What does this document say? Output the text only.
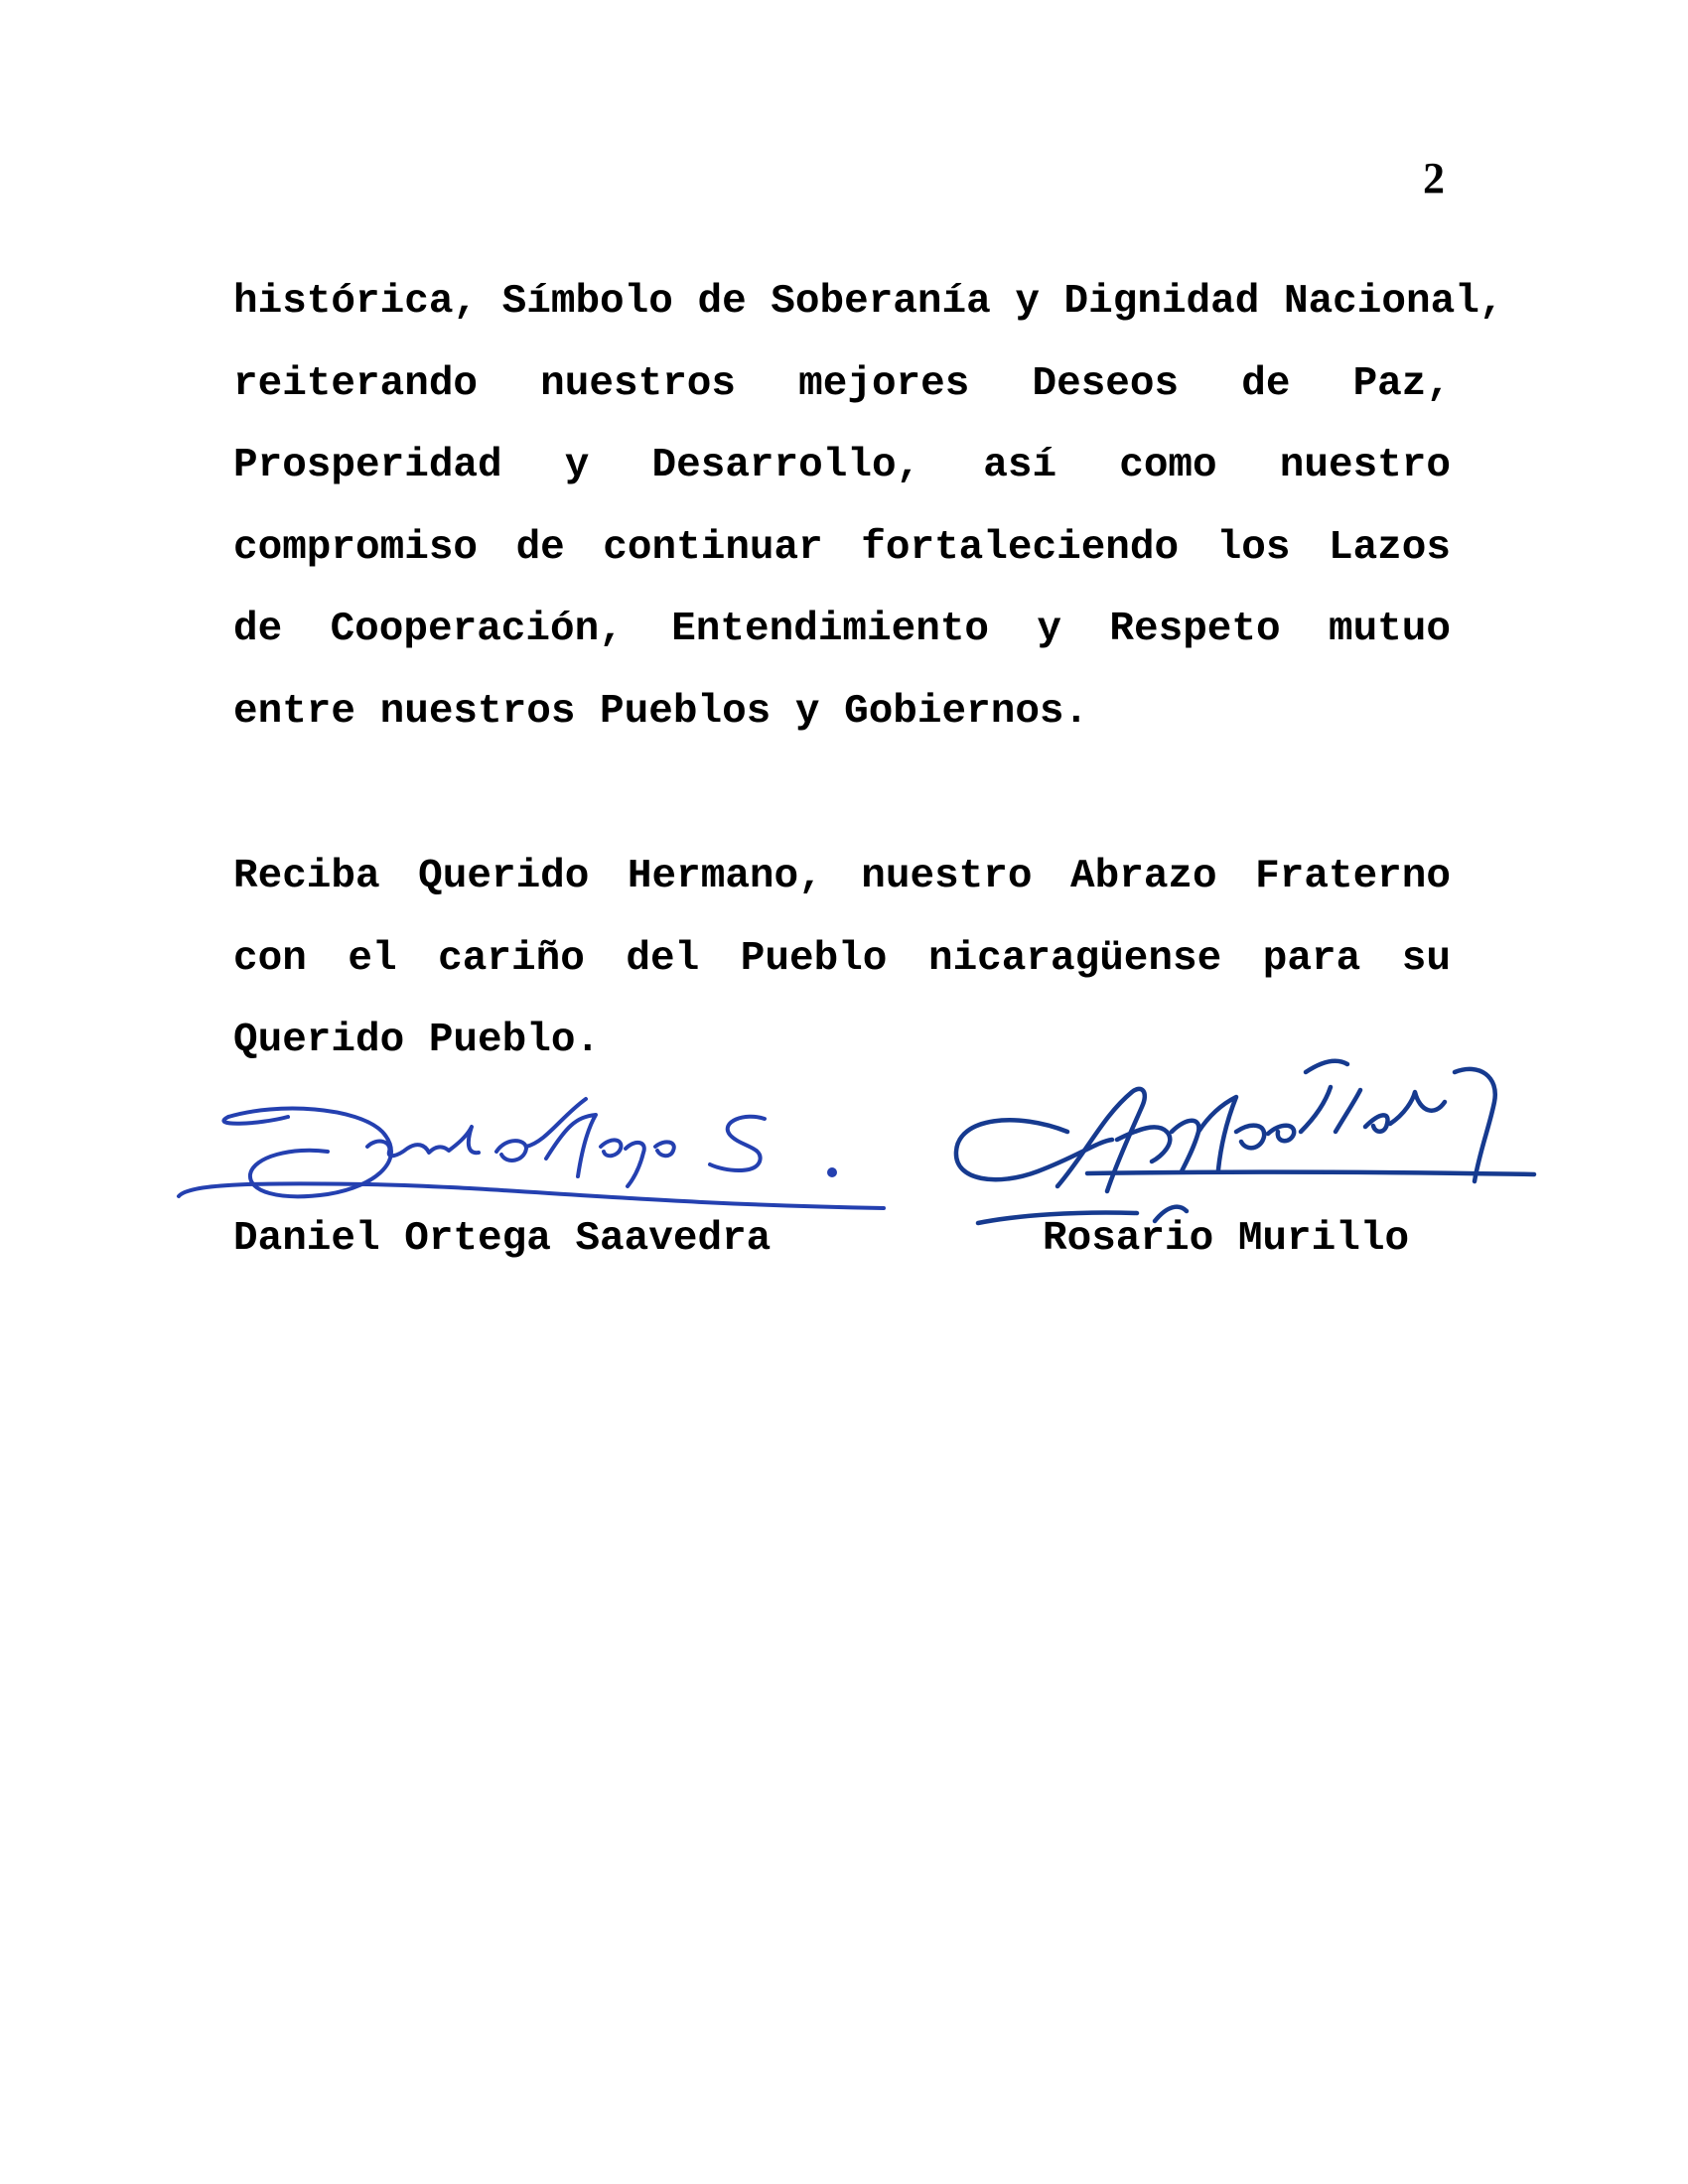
2
histórica, Símbolo de Soberanía y Dignidad Nacional,
reiterando nuestros mejores Deseos de Paz,
Prosperidad y Desarrollo, así como nuestro
compromiso de continuar fortaleciendo los Lazos
de Cooperación, Entendimiento y Respeto mutuo
entre nuestros Pueblos y Gobiernos.
Reciba Querido Hermano, nuestro Abrazo Fraterno
con el cariño del Pueblo nicaragüense para su
Querido Pueblo.
Daniel Ortega Saavedra	Rosario Murillo
